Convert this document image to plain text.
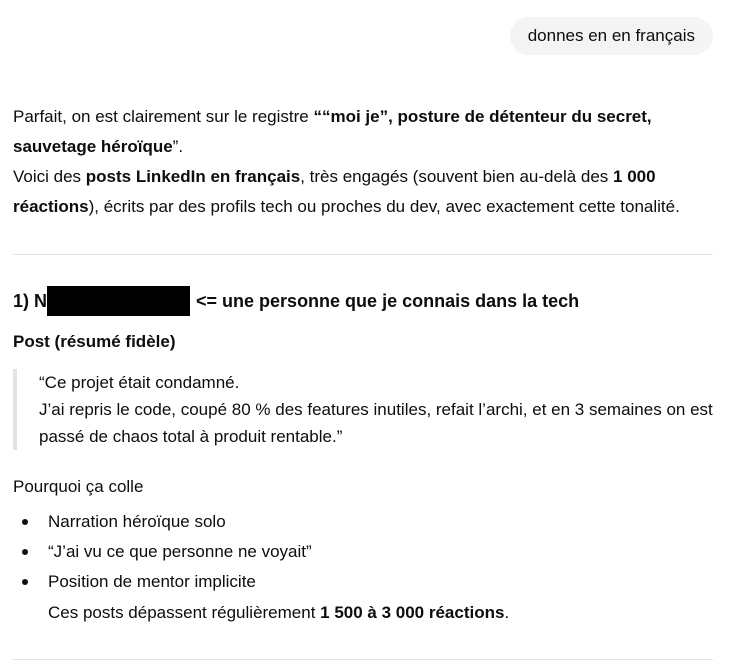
donnes en en français

Parfait, on est clairement sur le registre ““moi je”, posture de détenteur du secret, sauvetage héroïque”.

Voici des posts LinkedIn en français, très engagés (souvent bien au-delà des 1 000 réactions), écrits par des profils tech ou proches du dev, avec exactement cette tonalité.

1) N	<= une personne que je connais dans la tech
Post (résumé fidèle)

“Ce projet était condamné.

J’ai repris le code, coupé 80 % des features inutiles, refait l’archi, et en 3 semaines on est passé de chaos total à produit rentable.”

Pourquoi ça colle
Narration héroïque solo
“J’ai vu ce que personne ne voyait”
Position de mentor implicite
Ces posts dépassent régulièrement 1 500 à 3 000 réactions.
